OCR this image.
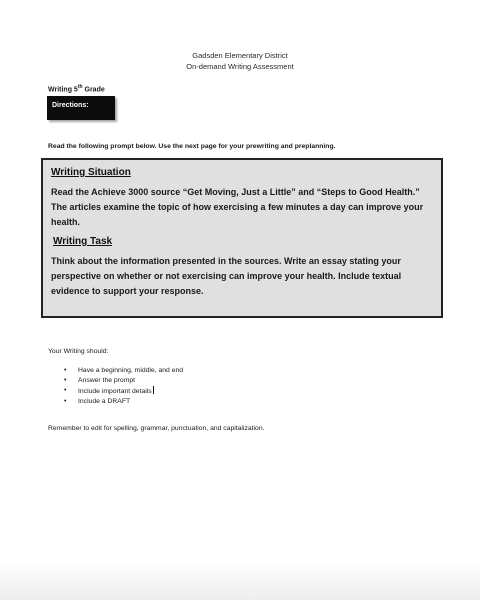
Gadsden Elementary District
On-demand Writing Assessment
Writing 5th Grade
Directions:
Read the following prompt below. Use the next page for your prewriting and preplanning.

Writing Situation

Read the Achieve 3000 source “Get Moving, Just a Little” and “Steps to Good Health.” The articles examine the topic of how exercising a few minutes a day can improve your health.

Writing Task

Think about the information presented in the sources. Write an essay stating your perspective on whether or not exercising can improve your health. Include textual evidence to support your response.

Your Writing should:
• Have a beginning, middle, and end
• Answer the prompt
• Include important details
• Include a DRAFT
Remember to edit for spelling, grammar, punctuation, and capitalization.
